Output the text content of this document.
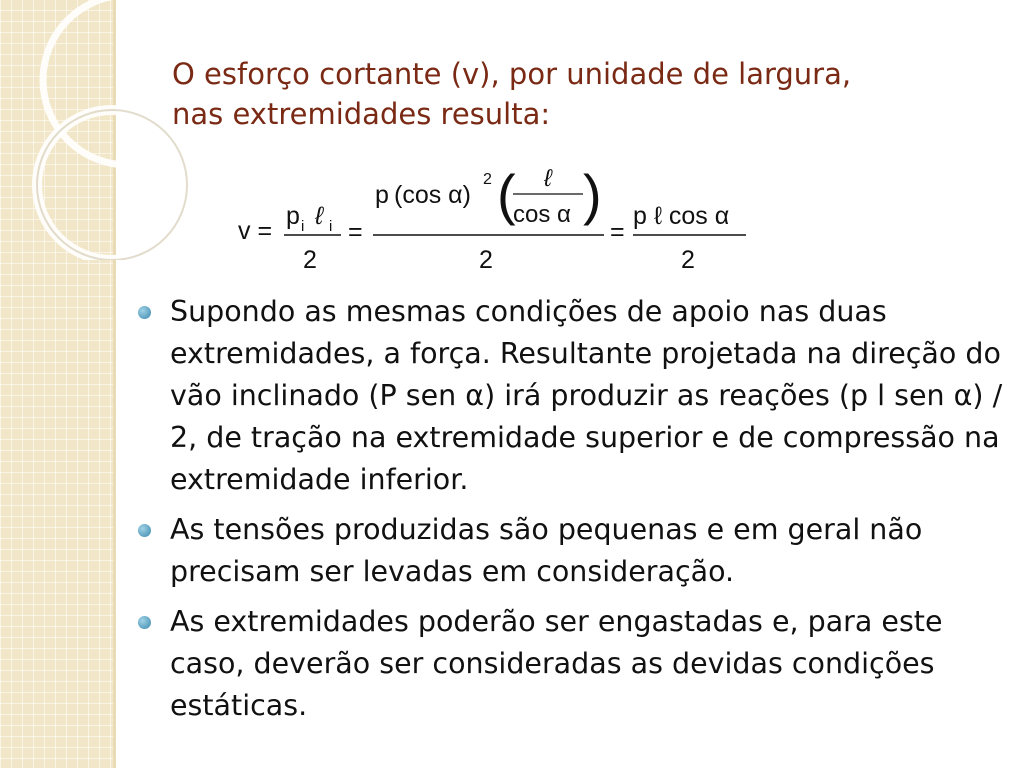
O esforço cortante (v), por unidade de largura,
nas extremidades resulta:
v =
p i ℓ i
2
=
p (cos α)
2 ( ℓ
cos α )
2
=
p ℓ cos α
2
Supondo as mesmas condições de apoio nas duas extremidades, a força. Resultante projetada na direção do vão inclinado (P sen α) irá produzir as reações (p l sen α) / 2, de tração na extremidade superior e de compressão na extremidade inferior.
As tensões produzidas são pequenas e em geral não precisam ser levadas em consideração.
As extremidades poderão ser engastadas e, para este caso, deverão ser consideradas as devidas condições estáticas.
